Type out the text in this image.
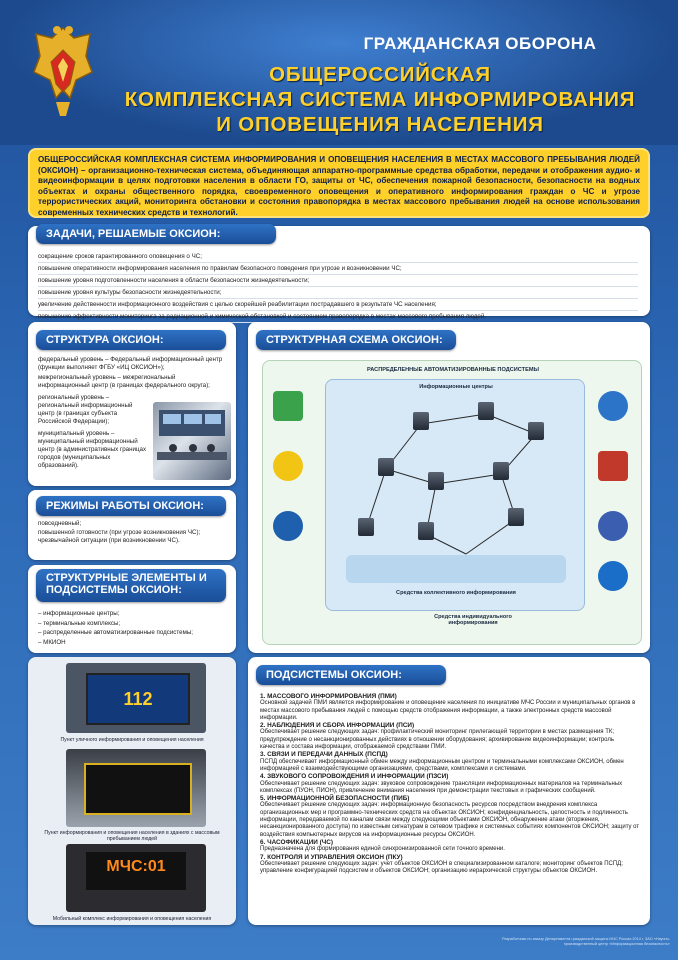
ГРАЖДАНСКАЯ ОБОРОНА
ОБЩЕРОССИЙСКАЯ
КОМПЛЕКСНАЯ СИСТЕМА ИНФОРМИРОВАНИЯ
И ОПОВЕЩЕНИЯ НАСЕЛЕНИЯ
ОБЩЕРОССИЙСКАЯ КОМПЛЕКСНАЯ СИСТЕМА ИНФОРМИРОВАНИЯ И ОПОВЕЩЕНИЯ НАСЕЛЕНИЯ В МЕСТАХ МАССОВОГО ПРЕБЫВАНИЯ ЛЮДЕЙ (ОКСИОН) – организационно-техническая система, объединяющая аппаратно-программные средства обработки, передачи и отображения аудио- и видеоинформации в целях подготовки населения в области ГО, защиты от ЧС, обеспечения пожарной безопасности, безопасности на водных объектах и охраны общественного порядка, своевременного оповещения и оперативного информирования граждан о ЧС и угрозе террористических акций, мониторинга обстановки и состояния правопорядка в местах массового пребывания людей на основе использования современных технических средств и технологий.
ЗАДАЧИ, РЕШАЕМЫЕ ОКСИОН:
сокращение сроков гарантированного оповещения о ЧС;
повышение оперативности информирования населения по правилам безопасного поведения при угрозе и возникновении ЧС;
повышение уровня подготовленности населения в области безопасности жизнедеятельности;
повышение уровня культуры безопасности жизнедеятельности;
увеличение действенности информационного воздействия с целью скорейшей реабилитации пострадавшего в результате ЧС населения;
повышение эффективности мониторинга за радиационной и химической обстановкой и состоянием правопорядка в местах массового пребывания людей.
СТРУКТУРА ОКСИОН:
федеральный уровень – Федеральный информационный центр (функции выполняет ФГБУ «ИЦ ОКСИОН»);
межрегиональный уровень – межрегиональный информационный центр (в границах федерального округа);
региональный уровень – региональный информационный центр (в границах субъекта Российской Федерации);
муниципальный уровень – муниципальный информационный центр (в административных границах городов (муниципальных образований).
РЕЖИМЫ РАБОТЫ ОКСИОН:
повседневный;
повышенной готовности (при угрозе возникновения ЧС);
чрезвычайной ситуации (при возникновении ЧС).
СТРУКТУРНЫЕ ЭЛЕМЕНТЫ И ПОДСИСТЕМЫ ОКСИОН:
– информационные центры;
– терминальные комплексы;
– распределенные автоматизированные подсистемы;
– МКИОН
СТРУКТУРНАЯ СХЕМА ОКСИОН:
РАСПРЕДЕЛЕННЫЕ АВТОМАТИЗИРОВАННЫЕ ПОДСИСТЕМЫ
Информационные центры
Средства коллективного информирования
Средства индивидуального информирования
112
Пункт уличного информирования и оповещения населения
Пункт информирования и оповещения населения в зданиях с массовым пребыванием людей
МЧС:01
Мобильный комплекс информирования и оповещения населения
ПОДСИСТЕМЫ ОКСИОН:
1. МАССОВОГО ИНФОРМИРОВАНИЯ (ПМИ)
Основной задачей ПМИ является информирование и оповещение населения по инициативе МЧС России и муниципальных органов в местах массового пребывания людей с помощью средств отображения информации, а также электронных средств массовой информации.
2. НАБЛЮДЕНИЯ И СБОРА ИНФОРМАЦИИ (ПСИ)
Обеспечивает решение следующих задач: профилактический мониторинг прилегающей территории в местах размещения ТК; предупреждение о несанкционированных действиях в отношении оборудования; архивирование видеоинформации; контроль качества и состава информации, отображаемой средствами ПМИ.
3. СВЯЗИ И ПЕРЕДАЧИ ДАННЫХ (ПСПД)
ПСПД обеспечивает информационный обмен между информационным центром и терминальными комплексами ОКСИОН, обмен информацией с взаимодействующими организациями, средствами, комплексами и системами.
4. ЗВУКОВОГО СОПРОВОЖДЕНИЯ И ИНФОРМАЦИИ (ПЗСИ)
Обеспечивает решение следующих задач: звуковое сопровождение трансляции информационных материалов на терминальных комплексах (ПУОН, ПИОН), привлечение внимания населения при демонстрации текстовых и графических сообщений.
5. ИНФОРМАЦИОННОЙ БЕЗОПАСНОСТИ (ПИБ)
Обеспечивает решение следующих задач: информационную безопасность ресурсов посредством внедрения комплекса организационных мер и программно-технических средств на объектах ОКСИОН; конфиденциальность, целостность и подлинность информации, передаваемой по каналам связи между следующими объектами ОКСИОН, обнаружение атаки (вторжения, несанкционированного доступа) по известным сигнатурам в сетевом трафике и системных событиях компонентов ОКСИОН; защиту от воздействия компьютерных вирусов на информационные ресурсы ОКСИОН.
6. ЧАСОФИКАЦИИ (ЧС)
Предназначена для формирования единой синхронизированной сети точного времени.
7. КОНТРОЛЯ И УПРАВЛЕНИЯ ОКСИОН (ПКУ)
Обеспечивает решение следующих задач: учет объектов ОКСИОН в специализированном каталоге; мониторинг объектов ПСПД; управление конфигурацией подсистем и объектов ОКСИОН; организацию иерархической структуры объектов ОКСИОН.
Разработчики по заказу Департамента гражданской защиты МЧС России 2014 г. ЗАО «Научно-производственный центр «Информационная безопасность»
